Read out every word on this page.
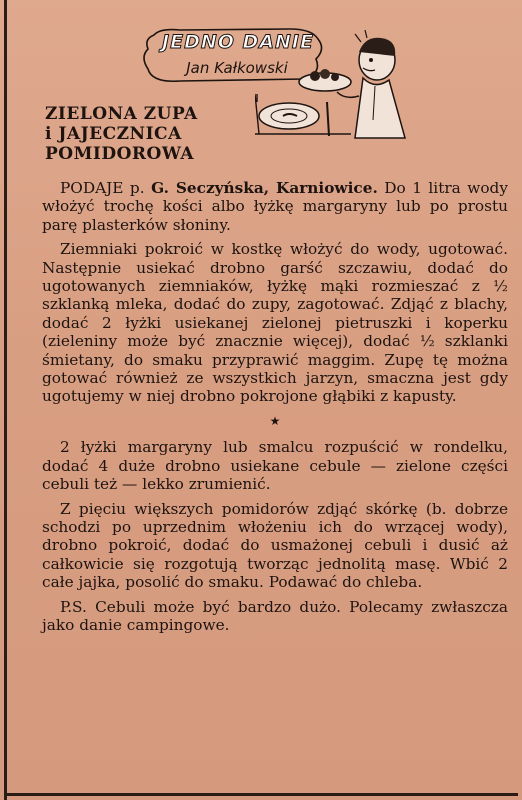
JEDNO DANIE
Jan Kałkowski
ZIELONA ZUPA
i JAJECZNICA
POMIDOROWA

PODAJE p. G. Seczyńska, Karniowice. Do 1 litra wody włożyć trochę kości albo łyżkę margaryny lub po prostu parę plasterków słoniny.

Ziemniaki pokroić w kostkę włożyć do wody, ugotować. Następnie usiekać drobno garść szczawiu, dodać do ugotowanych ziemniaków, łyżkę mąki rozmieszać z ½ szklanką mleka, dodać do zupy, zagotować. Zdjąć z blachy, dodać 2 łyżki usiekanej zielonej pietruszki i koperku (zieleniny może być znacznie więcej), dodać ½ szklanki śmietany, do smaku przyprawić maggim. Zupę tę można gotować również ze wszystkich jarzyn, smaczna jest gdy ugotujemy w niej drobno pokrojone głąbiki z kapusty.

★

2 łyżki margaryny lub smalcu rozpuścić w rondelku, dodać 4 duże drobno usiekane cebule — zielone części cebuli też — lekko zrumienić.

Z pięciu większych pomidorów zdjąć skórkę (b. dobrze schodzi po uprzednim włożeniu ich do wrzącej wody), drobno pokroić, dodać do usmażonej cebuli i dusić aż całkowicie się rozgotują tworząc jednolitą masę. Wbić 2 całe jajka, posolić do smaku. Podawać do chleba.

P.S. Cebuli może być bardzo dużo. Polecamy zwłaszcza jako danie campingowe.
